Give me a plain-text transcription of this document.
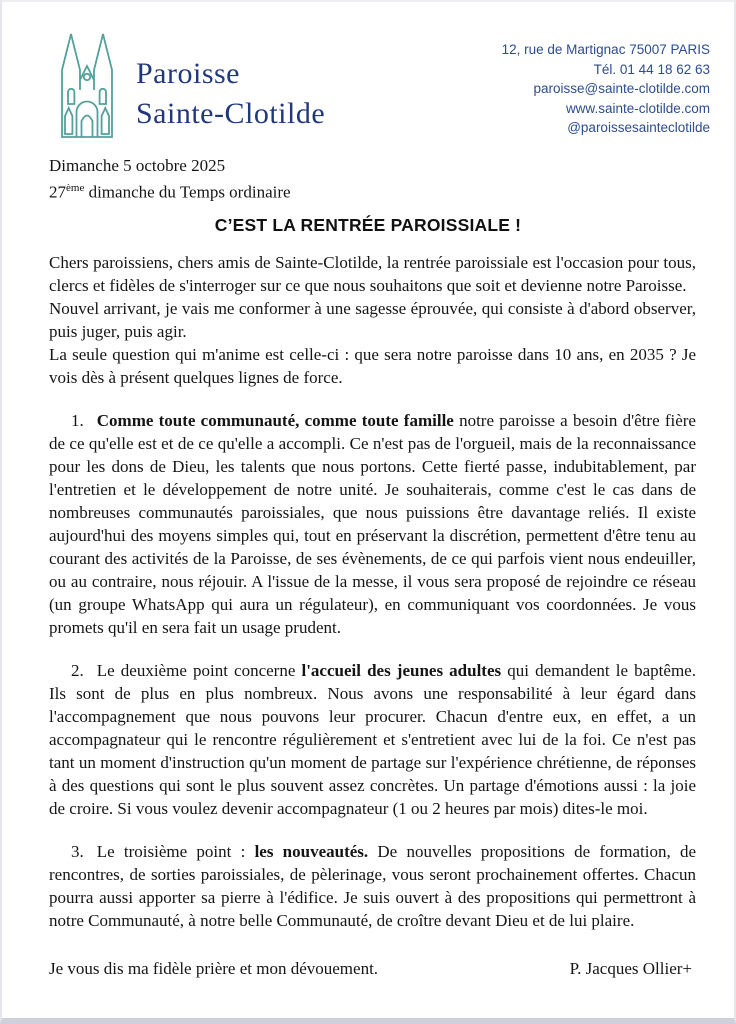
Paroisse
Sainte-Clotilde
12, rue de Martignac 75007 PARIS
Tél. 01 44 18 62 63
paroisse@sainte-clotilde.com
www.sainte-clotilde.com
@paroissesainteclotilde
Dimanche 5 octobre 2025
27ème dimanche du Temps ordinaire
C’EST LA RENTRÉE PAROISSIALE !

Chers paroissiens, chers amis de Sainte-Clotilde, la rentrée paroissiale est l'occasion pour tous, clercs et fidèles de s'interroger sur ce que nous souhaitons que soit et devienne notre Paroisse.

Nouvel arrivant, je vais me conformer à une sagesse éprouvée, qui consiste à d'abord observer, puis juger, puis agir.

La seule question qui m'anime est celle-ci : que sera notre paroisse dans 10 ans, en 2035 ? Je vois dès à présent quelques lignes de force.

1. Comme toute communauté, comme toute famille notre paroisse a besoin d'être fière de ce qu'elle est et de ce qu'elle a accompli. Ce n'est pas de l'orgueil, mais de la reconnaissance pour les dons de Dieu, les talents que nous portons. Cette fierté passe, indubitablement, par l'entretien et le développement de notre unité. Je souhaiterais, comme c'est le cas dans de nombreuses communautés paroissiales, que nous puissions être davantage reliés. Il existe aujourd'hui des moyens simples qui, tout en préservant la discrétion, permettent d'être tenu au courant des activités de la Paroisse, de ses évènements, de ce qui parfois vient nous endeuiller, ou au contraire, nous réjouir. A l'issue de la messe, il vous sera proposé de rejoindre ce réseau (un groupe WhatsApp qui aura un régulateur), en communiquant vos coordonnées. Je vous promets qu'il en sera fait un usage prudent.

2. Le deuxième point concerne l'accueil des jeunes adultes qui demandent le baptême. Ils sont de plus en plus nombreux. Nous avons une responsabilité à leur égard dans l'accompagnement que nous pouvons leur procurer. Chacun d'entre eux, en effet, a un accompagnateur qui le rencontre régulièrement et s'entretient avec lui de la foi. Ce n'est pas tant un moment d'instruction qu'un moment de partage sur l'expérience chrétienne, de réponses à des questions qui sont le plus souvent assez concrètes. Un partage d'émotions aussi : la joie de croire. Si vous voulez devenir accompagnateur (1 ou 2 heures par mois) dites-le moi.

3. Le troisième point : les nouveautés. De nouvelles propositions de formation, de rencontres, de sorties paroissiales, de pèlerinage, vous seront prochainement offertes. Chacun pourra aussi apporter sa pierre à l'édifice. Je suis ouvert à des propositions qui permettront à notre Communauté, à notre belle Communauté, de croître devant Dieu et de lui plaire.

Je vous dis ma fidèle prière et mon dévouement.	P. Jacques Ollier+
